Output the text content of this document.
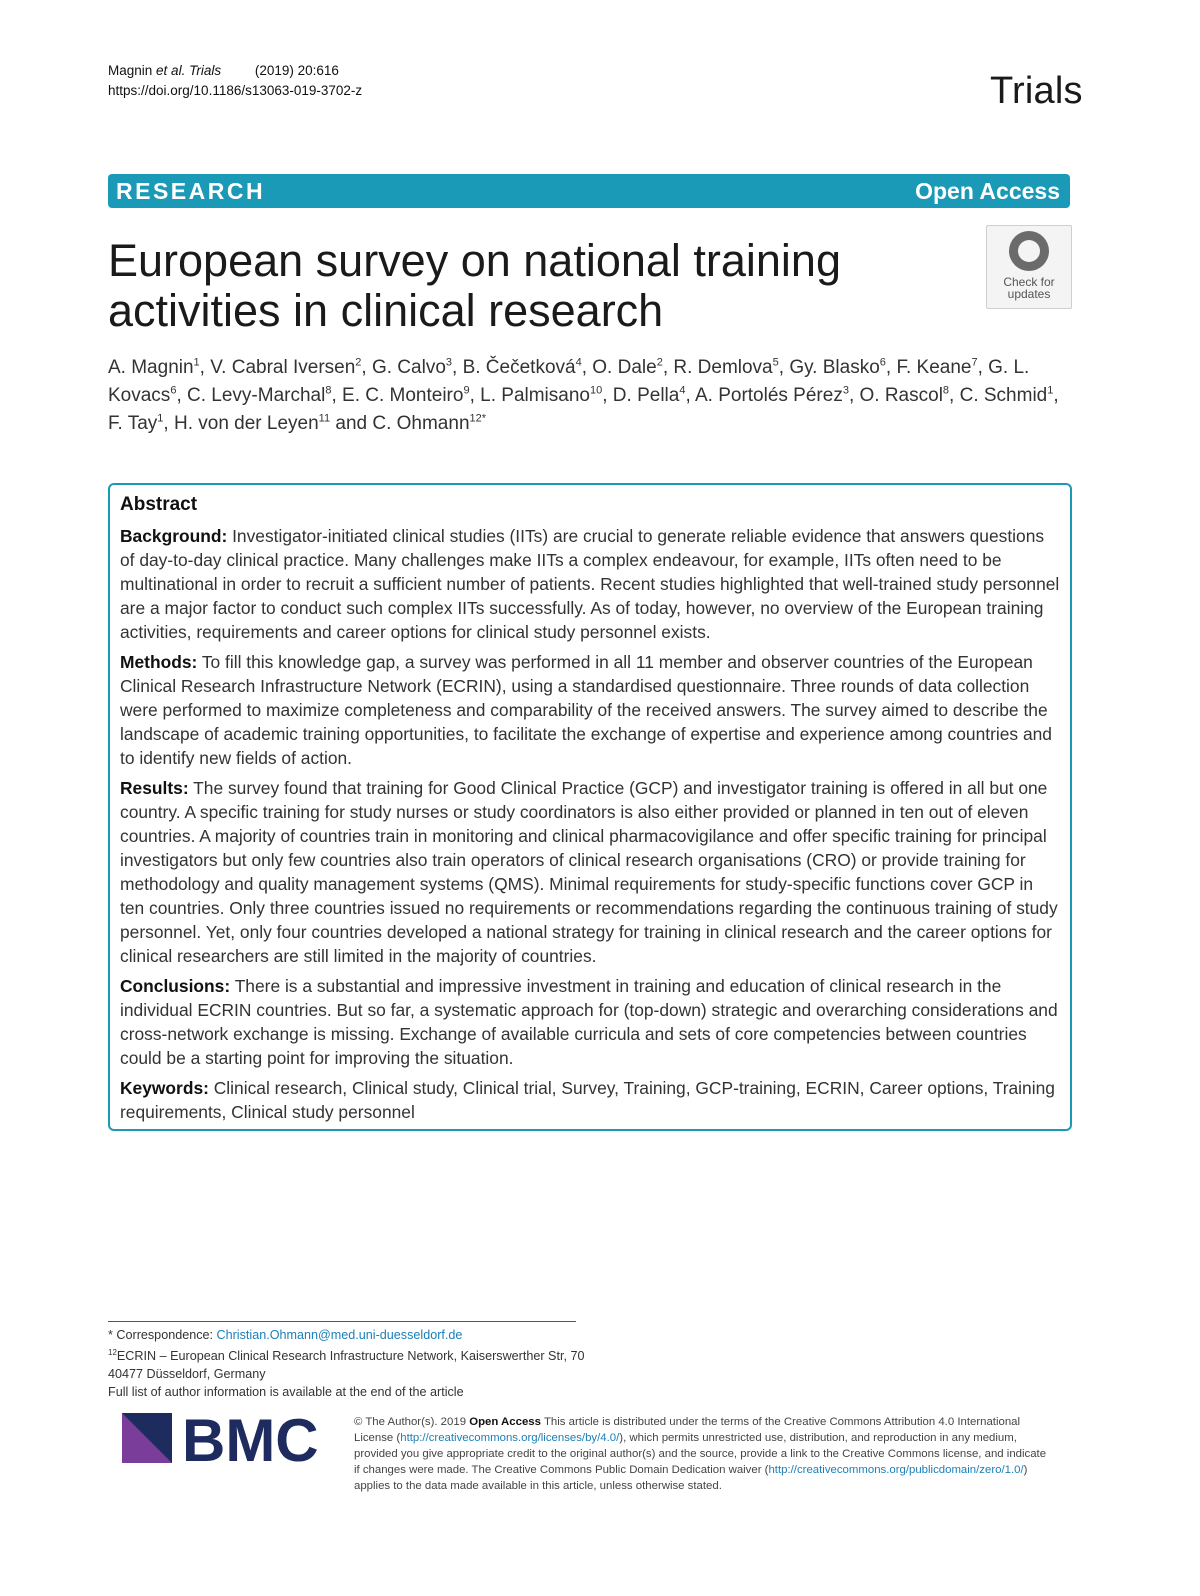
Magnin et al. Trials	(2019) 20:616
https://doi.org/10.1186/s13063-019-3702-z	Trials
RESEARCH	Open Access
European survey on national training
activities in clinical research
Check for
updates
A. Magnin$^1$, V. Cabral Iversen$^2$, G. Calvo$^3$, B. Čečetková$^4$, O. Dale$^2$, R. Demlova$^5$, Gy. Blasko$^6$, F. Keane$^7$, G. L. Kovacs$^6$, C. Levy-Marchal$^8$, E. C. Monteiro$^9$, L. Palmisano$^{10}$, D. Pella$^4$, A. Portolés Pérez$^3$, O. Rascol$^8$, C. Schmid$^1$, F. Tay$^1$, H. von der Leyen$^{11}$ and C. Ohmann$^{12*}$
Abstract

Background: Investigator-initiated clinical studies (IITs) are crucial to generate reliable evidence that answers questions of day-to-day clinical practice. Many challenges make IITs a complex endeavour, for example, IITs often need to be multinational in order to recruit a sufficient number of patients. Recent studies highlighted that well-trained study personnel are a major factor to conduct such complex IITs successfully. As of today, however, no overview of the European training activities, requirements and career options for clinical study personnel exists.

Methods: To fill this knowledge gap, a survey was performed in all 11 member and observer countries of the European Clinical Research Infrastructure Network (ECRIN), using a standardised questionnaire. Three rounds of data collection were performed to maximize completeness and comparability of the received answers. The survey aimed to describe the landscape of academic training opportunities, to facilitate the exchange of expertise and experience among countries and to identify new fields of action.

Results: The survey found that training for Good Clinical Practice (GCP) and investigator training is offered in all but one country. A specific training for study nurses or study coordinators is also either provided or planned in ten out of eleven countries. A majority of countries train in monitoring and clinical pharmacovigilance and offer specific training for principal investigators but only few countries also train operators of clinical research organisations (CRO) or provide training for methodology and quality management systems (QMS). Minimal requirements for study-specific functions cover GCP in ten countries. Only three countries issued no requirements or recommendations regarding the continuous training of study personnel. Yet, only four countries developed a national strategy for training in clinical research and the career options for clinical researchers are still limited in the majority of countries.

Conclusions: There is a substantial and impressive investment in training and education of clinical research in the individual ECRIN countries. But so far, a systematic approach for (top-down) strategic and overarching considerations and cross-network exchange is missing. Exchange of available curricula and sets of core competencies between countries could be a starting point for improving the situation.

Keywords: Clinical research, Clinical study, Clinical trial, Survey, Training, GCP-training, ECRIN, Career options, Training requirements, Clinical study personnel

* Correspondence: Christian.Ohmann@med.uni-duesseldorf.de
$^{12}$ECRIN – European Clinical Research Infrastructure Network, Kaiserswerther Str, 70 40477 Düsseldorf, Germany
Full list of author information is available at the end of the article
BMC	© The Author(s). 2019 Open Access This article is distributed under the terms of the Creative Commons Attribution 4.0 International License (http://creativecommons.org/licenses/by/4.0/), which permits unrestricted use, distribution, and reproduction in any medium, provided you give appropriate credit to the original author(s) and the source, provide a link to the Creative Commons license, and indicate if changes were made. The Creative Commons Public Domain Dedication waiver (http://creativecommons.org/publicdomain/zero/1.0/) applies to the data made available in this article, unless otherwise stated.
